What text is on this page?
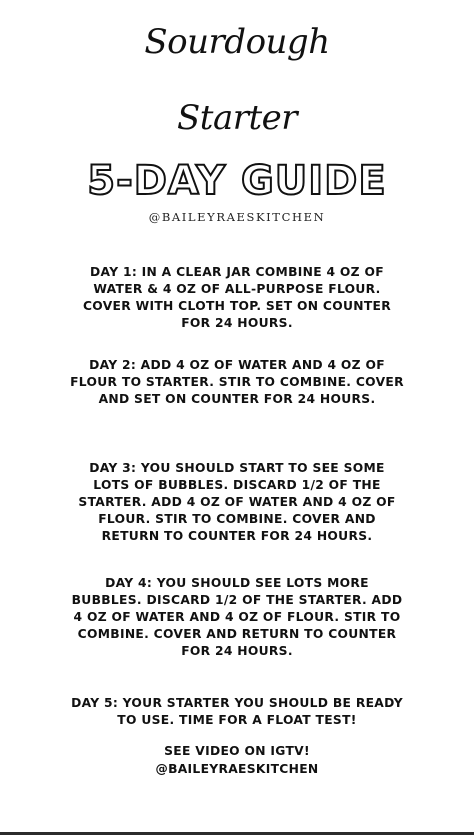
Sourdough
Starter
5-DAY GUIDE
@BAILEYRAESKITCHEN

DAY 1: IN A CLEAR JAR COMBINE 4 OZ OF WATER & 4 OZ OF ALL-PURPOSE FLOUR. COVER WITH CLOTH TOP. SET ON COUNTER FOR 24 HOURS.

DAY 2: ADD 4 OZ OF WATER AND 4 OZ OF FLOUR TO STARTER. STIR TO COMBINE. COVER AND SET ON COUNTER FOR 24 HOURS.

DAY 3: YOU SHOULD START TO SEE SOME LOTS OF BUBBLES. DISCARD 1/2 OF THE STARTER. ADD 4 OZ OF WATER AND 4 OZ OF FLOUR. STIR TO COMBINE. COVER AND RETURN TO COUNTER FOR 24 HOURS.

DAY 4: YOU SHOULD SEE LOTS MORE BUBBLES. DISCARD 1/2 OF THE STARTER. ADD 4 OZ OF WATER AND 4 OZ OF FLOUR. STIR TO COMBINE. COVER AND RETURN TO COUNTER FOR 24 HOURS.

DAY 5: YOUR STARTER YOU SHOULD BE READY TO USE. TIME FOR A FLOAT TEST!

SEE VIDEO ON IGTV!
@BAILEYRAESKITCHEN
